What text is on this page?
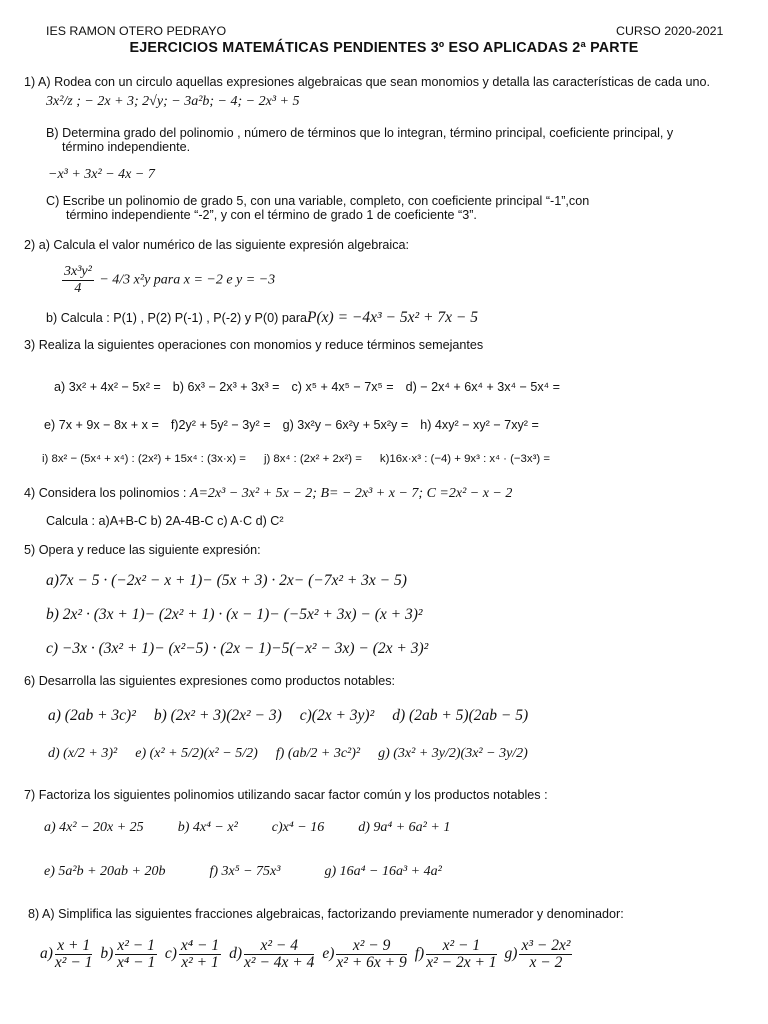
IES RAMON OTERO PEDRAYO	CURSO 2020-2021
EJERCICIOS MATEMÁTICAS PENDIENTES 3º ESO APLICADAS 2ª PARTE
1) A) Rodea con un circulo aquellas expresiones algebraicas que sean monomios y detalla las características de cada uno.
3x²/z ; − 2x + 3; 2√y; − 3a²b; − 4; − 2x³ + 5
B) Determina grado del polinomio , número de términos que lo integran, término principal, coeficiente principal, y
término independiente.
−x³ + 3x² − 4x − 7
C) Escribe un polinomio de grado 5, con una variable, completo, con coeficiente principal “-1”,con
término independiente “-2”, y con el término de grado 1 de coeficiente “3”.
2) a) Calcula el valor numérico de las siguiente expresión algebraica:
$\frac{\text{3x³y²}}{4} - 4/3$ x²y para x = −2 e y = −3
b) Calcula : P(1) , P(2) P(-1) , P(-2) y P(0) paraP(x) = −4x³ − 5x² + 7x − 5
3) Realiza la siguientes operaciones con monomios y reduce términos semejantes
a) 3x² + 4x² − 5x² = b) 6x³ − 2x³ + 3x³ = c) x⁵ + 4x⁵ − 7x⁵ = d) − 2x⁴ + 6x⁴ + 3x⁴ − 5x⁴ =
e) 7x + 9x − 8x + x = f)2y² + 5y² − 3y² = g) 3x²y − 6x²y + 5x²y = h) 4xy² − xy² − 7xy² =
i) 8x² − (5x⁴ + x⁴) : (2x²) + 15x⁴ : (3x·x) = j) 8x⁴ : (2x² + 2x²) = k)16x·x³ : (−4) + 9x³ : x⁴ · (−3x³) =
4) Considera los polinomios : A=2x³ − 3x² + 5x − 2; B= − 2x³ + x − 7; C =2x² − x − 2
Calcula : a)A+B-C b) 2A-4B-C c) A·C d) C²
5) Opera y reduce las siguiente expresión:
a)7x − 5 · (−2x² − x + 1)− (5x + 3) · 2x− (−7x² + 3x − 5)
b) 2x² · (3x + 1)− (2x² + 1) · (x − 1)− (−5x² + 3x) − (x + 3)²
c) −3x · (3x² + 1)− (x²−5) · (2x − 1)−5(−x² − 3x) − (2x + 3)²
6) Desarrolla las siguientes expresiones como productos notables:
a) (2ab + 3c)² b) (2x² + 3)(2x² − 3) c)(2x + 3y)² d) (2ab + 5)(2ab − 5)
d) (x/2 + 3)² e) (x² + 5/2)(x² − 5/2) f) (ab/2 + 3c²)² g) (3x² + 3y/2)(3x² − 3y/2)
7) Factoriza los siguientes polinomios utilizando sacar factor común y los productos notables :
a) 4x² − 20x + 25 b) 4x⁴ − x² c)x⁴ − 16 d) 9a⁴ + 6a² + 1
e) 5a²b + 20ab + 20b	f) 3x⁵ − 75x³	g) 16a⁴ − 16a³ + 4a²
8) A) Simplifica las siguientes fracciones algebraicas, factorizando previamente numerador y denominador:
$a) \frac{x + 1}{\text{x² − 1}} b) \frac{\text{x² − 1}}{\text{x⁴ − 1}} c) \frac{\text{x⁴ − 1}}{\text{x² + 1}} d) \frac{\text{x² − 4}}{\text{x² − 4x + 4}} e) \frac{\text{x² − 9}}{\text{x² + 6x + 9}} f) \frac{\text{x² − 1}}{\text{x² − 2x + 1}} g) \frac{\text{x³ − 2x²}}{x - 2}$
